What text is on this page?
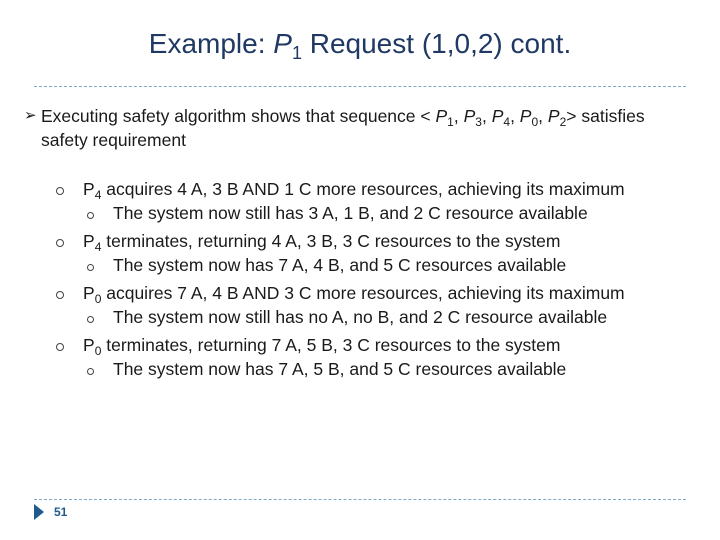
Example: $P_1$ Request (1,0,2) cont.
➢ Executing safety algorithm shows that sequence < $P_1$, $P_3$, $P_4$, $P_0$, $P_2>$ satisfies safety requirement
$P_4$ acquires 4 A, 3 B AND 1 C more resources, achieving its maximum
The system now still has 3 A, 1 B, and 2 C resource available
$P_4$ terminates, returning 4 A, 3 B, 3 C resources to the system
The system now has 7 A, 4 B, and 5 C resources available
$P_0$ acquires 7 A, 4 B AND 3 C more resources, achieving its maximum
The system now still has no A, no B, and 2 C resource available
$P_0$ terminates, returning 7 A, 5 B, 3 C resources to the system
The system now has 7 A, 5 B, and 5 C resources available
51
